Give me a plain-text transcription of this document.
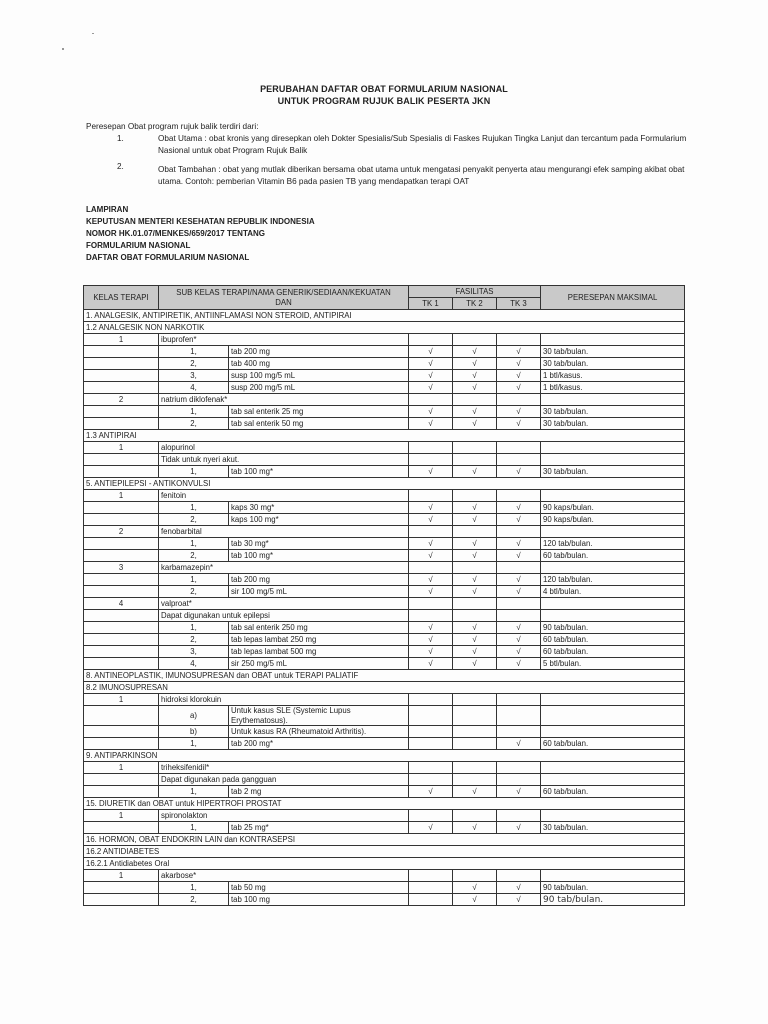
PERUBAHAN DAFTAR OBAT FORMULARIUM NASIONAL
UNTUK PROGRAM RUJUK BALIK PESERTA JKN
Peresepan Obat program rujuk balik terdiri dari:
1.	Obat Utama : obat kronis yang diresepkan oleh Dokter Spesialis/Sub Spesialis di Faskes Rujukan Tingka Lanjut dan tercantum pada Formularium Nasional untuk obat Program Rujuk Balik
2.	Obat Tambahan : obat yang mutlak diberikan bersama obat utama untuk mengatasi penyakit penyerta atau mengurangi efek samping akibat obat utama. Contoh: pemberian Vitamin B6 pada pasien TB yang mendapatkan terapi OAT
LAMPIRAN
KEPUTUSAN MENTERI KESEHATAN REPUBLIK INDONESIA
NOMOR HK.01.07/MENKES/659/2017 TENTANG
FORMULARIUM NASIONAL
DAFTAR OBAT FORMULARIUM NASIONAL
KELAS TERAPI	SUB KELAS TERAPI/NAMA GENERIK/SEDIAAN/KEKUATAN
DAN		FASILITAS			PERESEPAN MAKSIMAL
			TK 1	TK 2	TK 3	
1. ANALGESIK, ANTIPIRETIK, ANTIINFLAMASI NON STEROID, ANTIPIRAI						
1.2 ANALGESIK NON NARKOTIK						
1	ibuprofen*					
	1,	tab 200 mg	√	√	√	30 tab/bulan.
	2,	tab 400 mg	√	√	√	30 tab/bulan.
	3,	susp 100 mg/5 mL	√	√	√	1 btl/kasus.
	4,	susp 200 mg/5 mL	√	√	√	1 btl/kasus.
2	natrium diklofenak*					
	1,	tab sal enterik 25 mg	√	√	√	30 tab/bulan.
	2,	tab sal enterik 50 mg	√	√	√	30 tab/bulan.
1.3 ANTIPIRAI						
1	alopurinol					
	Tidak untuk nyeri akut.					
	1,	tab 100 mg*	√	√	√	30 tab/bulan.
5. ANTIEPILEPSI - ANTIKONVULSI						
1	fenitoin					
	1,	kaps 30 mg*	√	√	√	90 kaps/bulan.
	2,	kaps 100 mg*	√	√	√	90 kaps/bulan.
2	fenobarbital					
	1,	tab 30 mg*	√	√	√	120 tab/bulan.
	2,	tab 100 mg*	√	√	√	60 tab/bulan.
3	karbamazepin*					
	1,	tab 200 mg	√	√	√	120 tab/bulan.
	2,	sir 100 mg/5 mL	√	√	√	4 btl/bulan.
4	valproat*					
	Dapat digunakan untuk epilepsi					
	1,	tab sal enterik 250 mg	√	√	√	90 tab/bulan.
	2,	tab lepas lambat 250 mg	√	√	√	60 tab/bulan.
	3,	tab lepas lambat 500 mg	√	√	√	60 tab/bulan.
	4,	sir 250 mg/5 mL	√	√	√	5 btl/bulan.
8. ANTINEOPLASTIK, IMUNOSUPRESAN dan OBAT untuk TERAPI PALIATIF						
8.2 IMUNOSUPRESAN						
1	hidroksi klorokuin					
	a)	Untuk kasus SLE (Systemic Lupus Erythematosus).				
	b)	Untuk kasus RA (Rheumatoid Arthritis).				
	1,	tab 200 mg*			√	60 tab/bulan.
9. ANTIPARKINSON						
1	triheksifenidil*					
	Dapat digunakan pada gangguan					
	1,	tab 2 mg	√	√	√	60 tab/bulan.
15. DIURETIK dan OBAT untuk HIPERTROFI PROSTAT						
1	spironolakton					
	1,	tab 25 mg*	√	√	√	30 tab/bulan.
16. HORMON, OBAT ENDOKRIN LAIN dan KONTRASEPSI						
16.2 ANTIDIABETES						
16.2.1 Antidiabetes Oral						
1	akarbose*					
	1,	tab 50 mg		√	√	90 tab/bulan.
	2,	tab 100 mg		√	√	90 tab/bulan.
